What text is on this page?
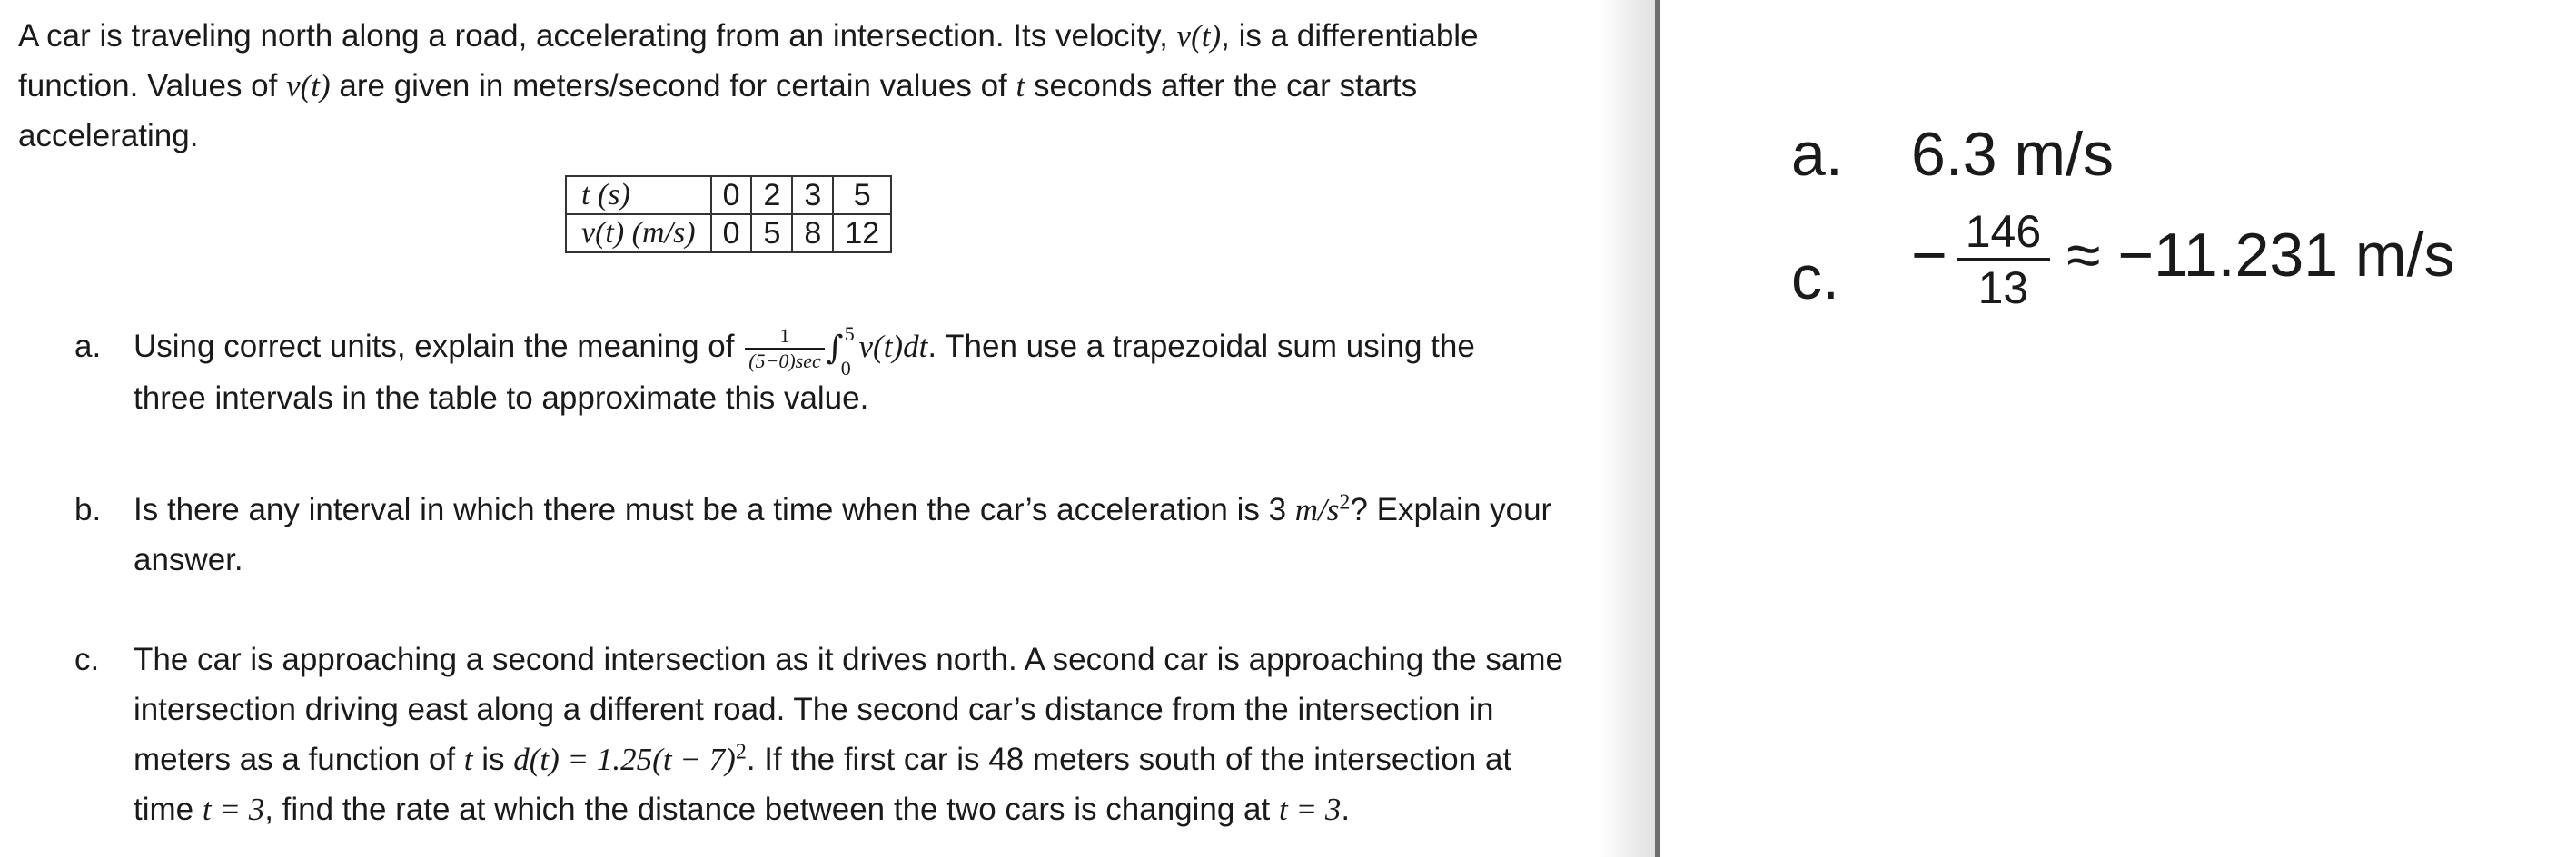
A car is traveling north along a road, accelerating from an intersection. Its velocity, v(t), is a differentiable
function. Values of v(t) are given in meters/second for certain values of t seconds after the car starts
accelerating.
t (s)	0	2	3	5
v(t) (m/s)	0	5	8	12
a. Using correct units, explain the meaning of $\frac{1}{(5-0)\sec}$ ∫ 5
0
v(t)dt. Then use a trapezoidal sum using the
three intervals in the table to approximate this value.
b. Is there any interval in which there must be a time when the car’s acceleration is 3 $m/s^2$? Explain your
answer.
c. The car is approaching a second intersection as it drives north. A second car is approaching the same
intersection driving east along a different road. The second car’s distance from the intersection in
meters as a function of t is $d(t) = 1.25(t - 7)^2$. If the first car is 48 meters south of the intersection at
time t = 3, find the rate at which the distance between the two cars is changing at t = 3.
a. 6.3 m/s
c. − $\frac{146}{13} \approx -11.231$ m/s
